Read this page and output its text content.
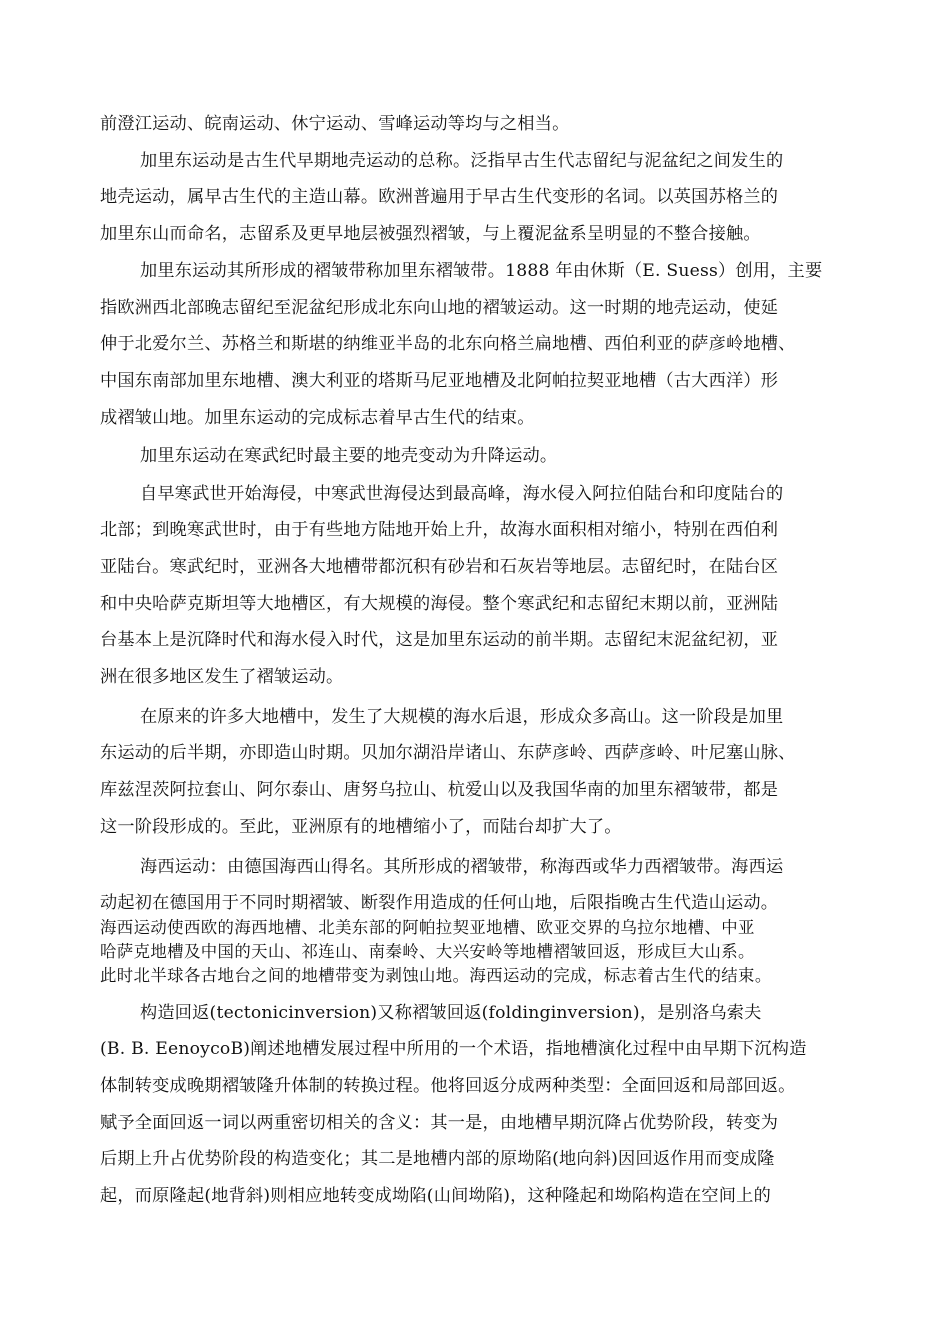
前澄江运动、皖南运动、休宁运动、雪峰运动等均与之相当。
加里东运动是古生代早期地壳运动的总称。泛指早古生代志留纪与泥盆纪之间发生的
地壳运动，属早古生代的主造山幕。欧洲普遍用于早古生代变形的名词。以英国苏格兰的
加里东山而命名，志留系及更早地层被强烈褶皱，与上覆泥盆系呈明显的不整合接触。
加里东运动其所形成的褶皱带称加里东褶皱带。1888 年由休斯（E. Suess）创用，主要
指欧洲西北部晚志留纪至泥盆纪形成北东向山地的褶皱运动。这一时期的地壳运动，使延
伸于北爱尔兰、苏格兰和斯堪的纳维亚半岛的北东向格兰扁地槽、西伯利亚的萨彦岭地槽、
中国东南部加里东地槽、澳大利亚的塔斯马尼亚地槽及北阿帕拉契亚地槽（古大西洋）形
成褶皱山地。加里东运动的完成标志着早古生代的结束。
加里东运动在寒武纪时最主要的地壳变动为升降运动。
自早寒武世开始海侵，中寒武世海侵达到最高峰，海水侵入阿拉伯陆台和印度陆台的
北部；到晚寒武世时，由于有些地方陆地开始上升，故海水面积相对缩小，特别在西伯利
亚陆台。寒武纪时，亚洲各大地槽带都沉积有砂岩和石灰岩等地层。志留纪时，在陆台区
和中央哈萨克斯坦等大地槽区，有大规模的海侵。整个寒武纪和志留纪末期以前，亚洲陆
台基本上是沉降时代和海水侵入时代，这是加里东运动的前半期。志留纪末泥盆纪初，亚
洲在很多地区发生了褶皱运动。
在原来的许多大地槽中，发生了大规模的海水后退，形成众多高山。这一阶段是加里
东运动的后半期，亦即造山时期。贝加尔湖沿岸诸山、东萨彦岭、西萨彦岭、叶尼塞山脉、
库兹涅茨阿拉套山、阿尔泰山、唐努乌拉山、杭爱山以及我国华南的加里东褶皱带，都是
这一阶段形成的。至此，亚洲原有的地槽缩小了，而陆台却扩大了。
海西运动：由德国海西山得名。其所形成的褶皱带，称海西或华力西褶皱带。海西运
动起初在德国用于不同时期褶皱、断裂作用造成的任何山地，后限指晚古生代造山运动。
海西运动使西欧的海西地槽、北美东部的阿帕拉契亚地槽、欧亚交界的乌拉尔地槽、中亚
哈萨克地槽及中国的天山、祁连山、南秦岭、大兴安岭等地槽褶皱回返，形成巨大山系。
此时北半球各古地台之间的地槽带变为剥蚀山地。海西运动的完成，标志着古生代的结束。
构造回返(tectonicinversion)又称褶皱回返(foldinginversion)，是别洛乌索夫
(B. B. EenoycoB)阐述地槽发展过程中所用的一个术语，指地槽演化过程中由早期下沉构造
体制转变成晚期褶皱隆升体制的转换过程。他将回返分成两种类型：全面回返和局部回返。
赋予全面回返一词以两重密切相关的含义：其一是，由地槽早期沉降占优势阶段，转变为
后期上升占优势阶段的构造变化；其二是地槽内部的原坳陷(地向斜)因回返作用而变成隆
起，而原隆起(地背斜)则相应地转变成坳陷(山间坳陷)，这种隆起和坳陷构造在空间上的
